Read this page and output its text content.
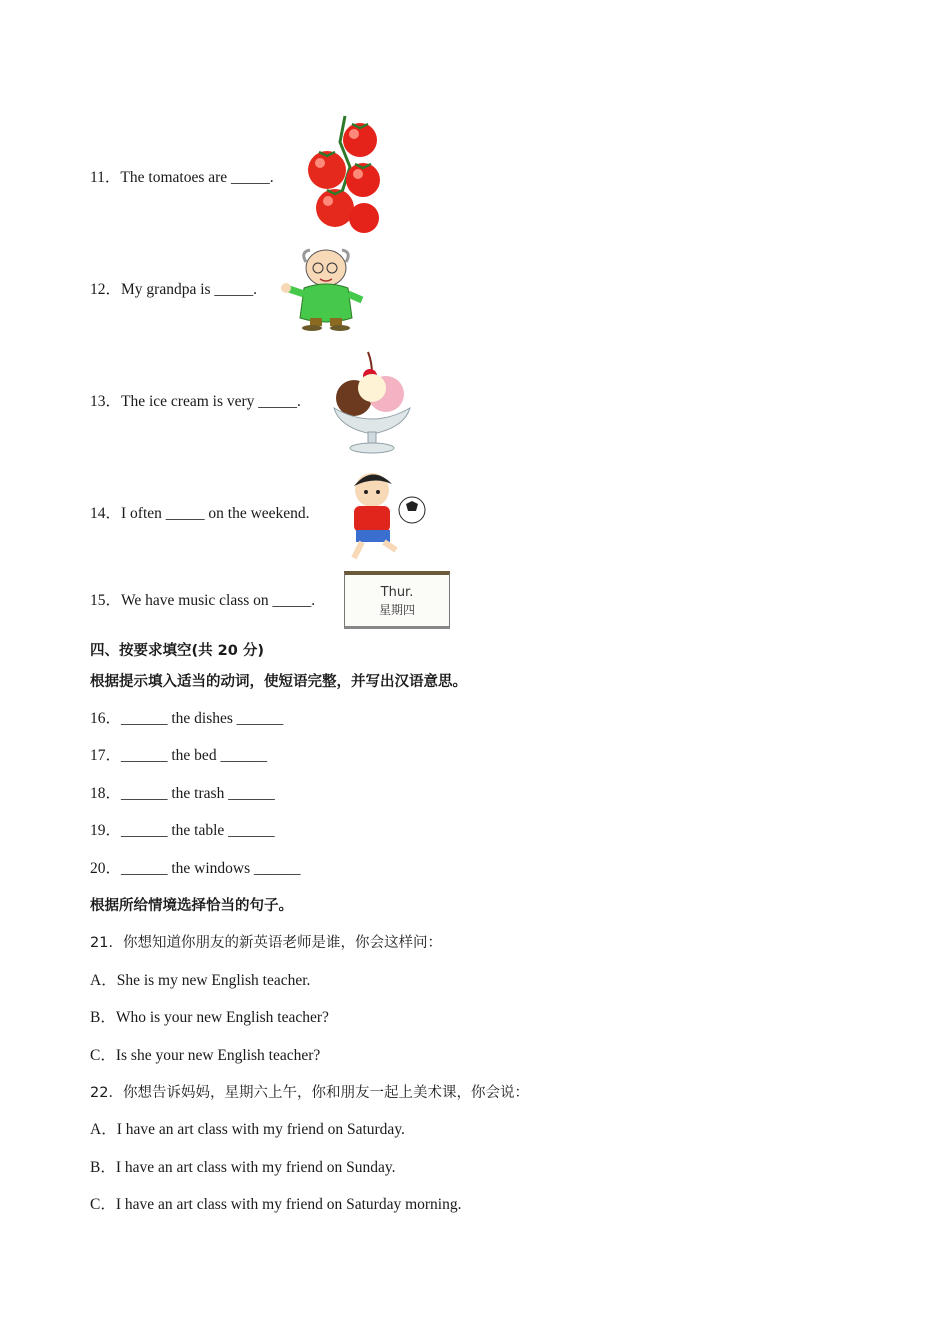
11．The tomatoes are _____.
12．My grandpa is _____.
13．The ice cream is very _____.
14．I often _____ on the weekend.
15．We have music class on _____.	Thur.
星期四
四、按要求填空(共 20 分)
根据提示填入适当的动词，使短语完整，并写出汉语意思。
16．______ the dishes ______
17．______ the bed ______
18．______ the trash ______
19．______ the table ______
20．______ the windows ______
根据所给情境选择恰当的句子。
21．你想知道你朋友的新英语老师是谁，你会这样问：
A．She is my new English teacher.
B．Who is your new English teacher?
C．Is she your new English teacher?
22．你想告诉妈妈，星期六上午，你和朋友一起上美术课，你会说：
A．I have an art class with my friend on Saturday.
B．I have an art class with my friend on Sunday.
C．I have an art class with my friend on Saturday morning.
